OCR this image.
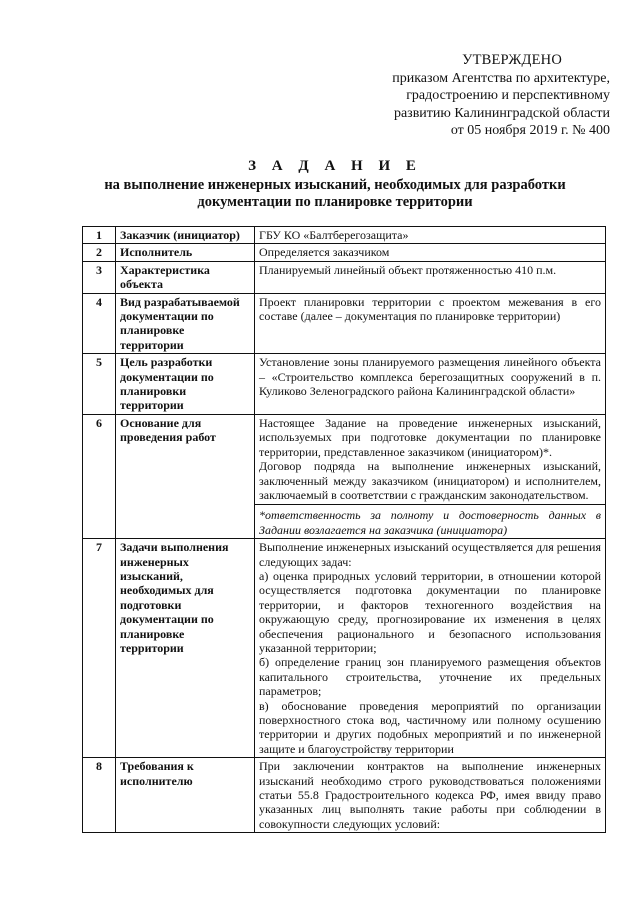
УТВЕРЖДЕНО
приказом Агентства по архитектуре,
градостроению и перспективному
развитию Калининградской области
от 05 ноября 2019 г. № 400
З А Д А Н И Е
на выполнение инженерных изысканий, необходимых для разработки
документации по планировке территории
1	Заказчик (инициатор)	ГБУ КО «Балтберегозащита»

2	Исполнитель	Определяется заказчиком

3	Характеристика объекта	Планируемый линейный объект протяженностью 410 п.м.

4	Вид разрабатываемой документации по планировке территории	Проект планировки территории с проектом межевания в его составе (далее – документация по планировке территории)

5	Цель разработки документации по планировки территории	Установление зоны планируемого размещения линейного объекта – «Строительство комплекса берегозащитных сооружений в п. Куликово Зеленоградского района Калининградской области»

6	Основание для проведения работ	Настоящее Задание на проведение инженерных изысканий, используемых при подготовке документации по планировке территории, представленное заказчиком (инициатором)*.

Договор подряда на выполнение инженерных изысканий, заключенный между заказчиком (инициатором) и исполнителем, заключаемый в соответствии с гражданским законодательством.

*ответственность за полноту и достоверность данных в Задании возлагается на заказчика (инициатора)

7	Задачи выполнения инженерных изысканий, необходимых для подготовки документации по планировке территории	Выполнение инженерных изысканий осуществляется для решения следующих задач:

а) оценка природных условий территории, в отношении которой осуществляется подготовка документации по планировке территории, и факторов техногенного воздействия на окружающую среду, прогнозирование их изменения в целях обеспечения рационального и безопасного использования указанной территории;

б) определение границ зон планируемого размещения объектов капитального строительства, уточнение их предельных параметров;

в) обоснование проведения мероприятий по организации поверхностного стока вод, частичному или полному осушению территории и других подобных мероприятий и по инженерной защите и благоустройству территории

8	Требования к исполнителю	При заключении контрактов на выполнение инженерных изысканий необходимо строго руководствоваться положениями статьи 55.8 Градостроительного кодекса РФ, имея ввиду право указанных лиц выполнять такие работы при соблюдении в совокупности следующих условий:
